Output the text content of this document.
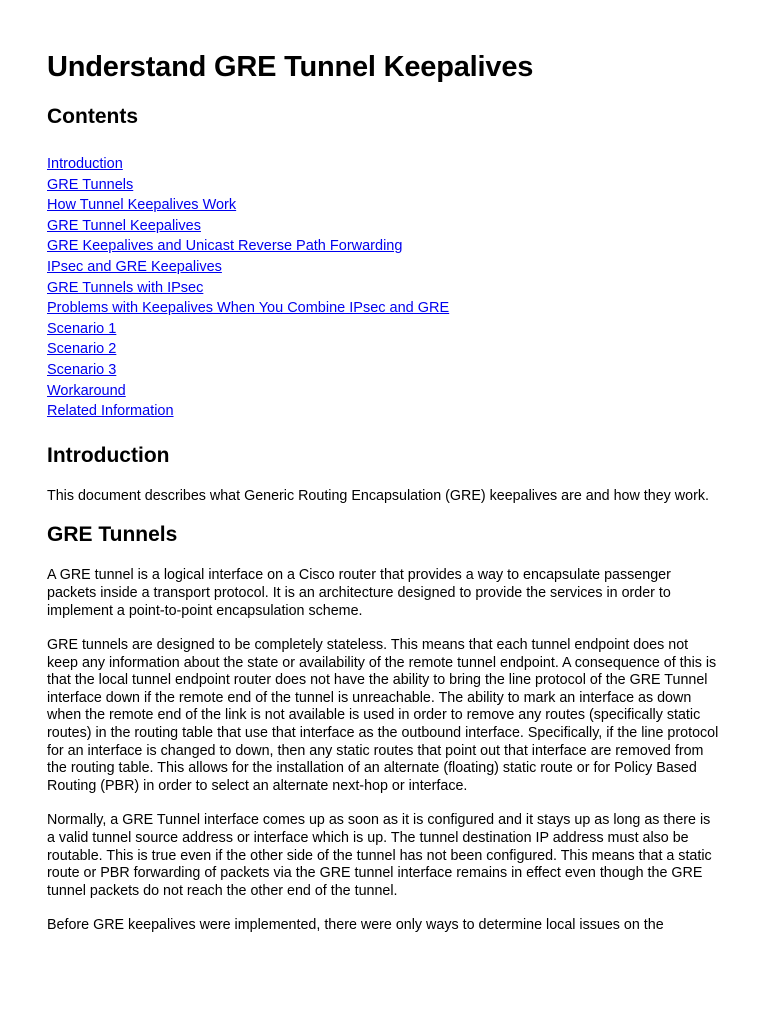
Understand GRE Tunnel Keepalives
Contents
Introduction
GRE Tunnels
How Tunnel Keepalives Work
GRE Tunnel Keepalives
GRE Keepalives and Unicast Reverse Path Forwarding
IPsec and GRE Keepalives
GRE Tunnels with IPsec
Problems with Keepalives When You Combine IPsec and GRE
Scenario 1
Scenario 2
Scenario 3
Workaround
Related Information
Introduction

This document describes what Generic Routing Encapsulation (GRE) keepalives are and how they work.

GRE Tunnels

A GRE tunnel is a logical interface on a Cisco router that provides a way to encapsulate passenger packets inside a transport protocol. It is an architecture designed to provide the services in order to implement a point-to-point encapsulation scheme.

GRE tunnels are designed to be completely stateless. This means that each tunnel endpoint does not keep any information about the state or availability of the remote tunnel endpoint. A consequence of this is that the local tunnel endpoint router does not have the ability to bring the line protocol of the GRE Tunnel interface down if the remote end of the tunnel is unreachable. The ability to mark an interface as down when the remote end of the link is not available is used in order to remove any routes (specifically static routes) in the routing table that use that interface as the outbound interface. Specifically, if the line protocol for an interface is changed to down, then any static routes that point out that interface are removed from the routing table. This allows for the installation of an alternate (floating) static route or for Policy Based Routing (PBR) in order to select an alternate next-hop or interface.

Normally, a GRE Tunnel interface comes up as soon as it is configured and it stays up as long as there is a valid tunnel source address or interface which is up. The tunnel destination IP address must also be routable. This is true even if the other side of the tunnel has not been configured. This means that a static route or PBR forwarding of packets via the GRE tunnel interface remains in effect even though the GRE tunnel packets do not reach the other end of the tunnel.

Before GRE keepalives were implemented, there were only ways to determine local issues on the
